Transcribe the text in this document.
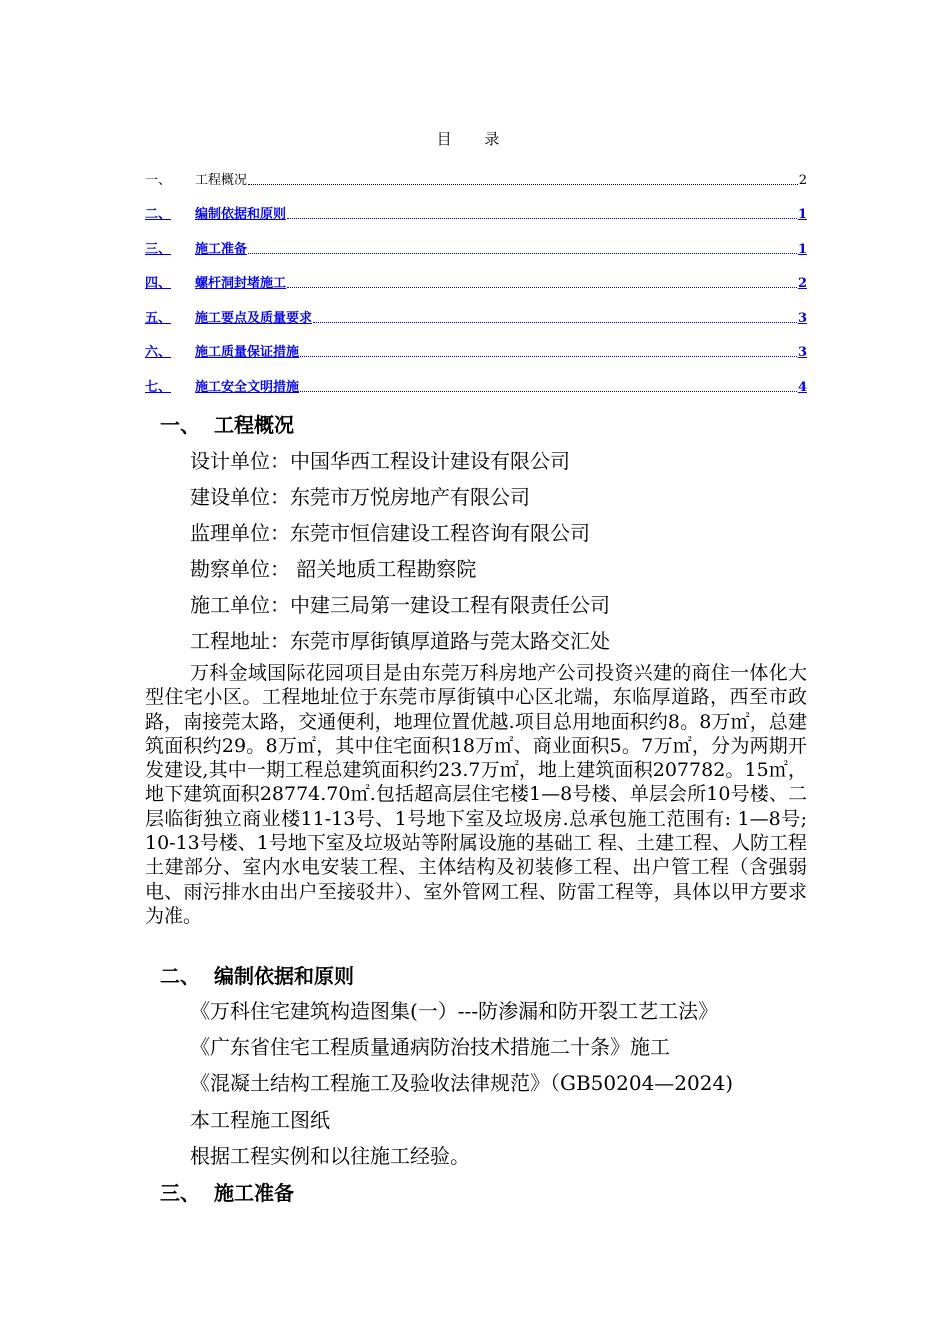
目 录
一、	工程概况	2
二、	编制依据和原则	1
三、	施工准备	1
四、	螺杆洞封堵施工	2
五、	施工要点及质量要求	3
六、	施工质量保证措施	3
七、	施工安全文明措施	4
一、 工程概况
设计单位：中国华西工程设计建设有限公司
建设单位：东莞市万悦房地产有限公司
监理单位：东莞市恒信建设工程咨询有限公司
勘察单位： 韶关地质工程勘察院
施工单位：中建三局第一建设工程有限责任公司
工程地址：东莞市厚街镇厚道路与莞太路交汇处
万科金域国际花园项目是由东莞万科房地产公司投资兴建的商住一体化大型住宅小区。工程地址位于东莞市厚街镇中心区北端，东临厚道路，西至市政路，南接莞太路，交通便利，地理位置优越.项目总用地面积约8。8万㎡，总建筑面积约29。8万㎡，其中住宅面积18万㎡、商业面积5。7万㎡，分为两期开发建设,其中一期工程总建筑面积约23.7万㎡，地上建筑面积207782。15㎡，地下建筑面积28774.70㎡.包括超高层住宅楼1—8号楼、单层会所10号楼、二层临街独立商业楼11-13号、1号地下室及垃圾房.总承包施工范围有: 1—8号; 10-13号楼、1号地下室及垃圾站等附属设施的基础工 程、土建工程、人防工程土建部分、室内水电安装工程、主体结构及初装修工程、出户管工程（含强弱电、雨污排水由出户至接驳井）、室外管网工程、防雷工程等，具体以甲方要求为准。
二、 编制依据和原则
《万科住宅建筑构造图集(一）---防渗漏和防开裂工艺工法》
《广东省住宅工程质量通病防治技术措施二十条》施工
《混凝土结构工程施工及验收法律规范》（GB50204—2024)
本工程施工图纸
根据工程实例和以往施工经验。
三、 施工准备
